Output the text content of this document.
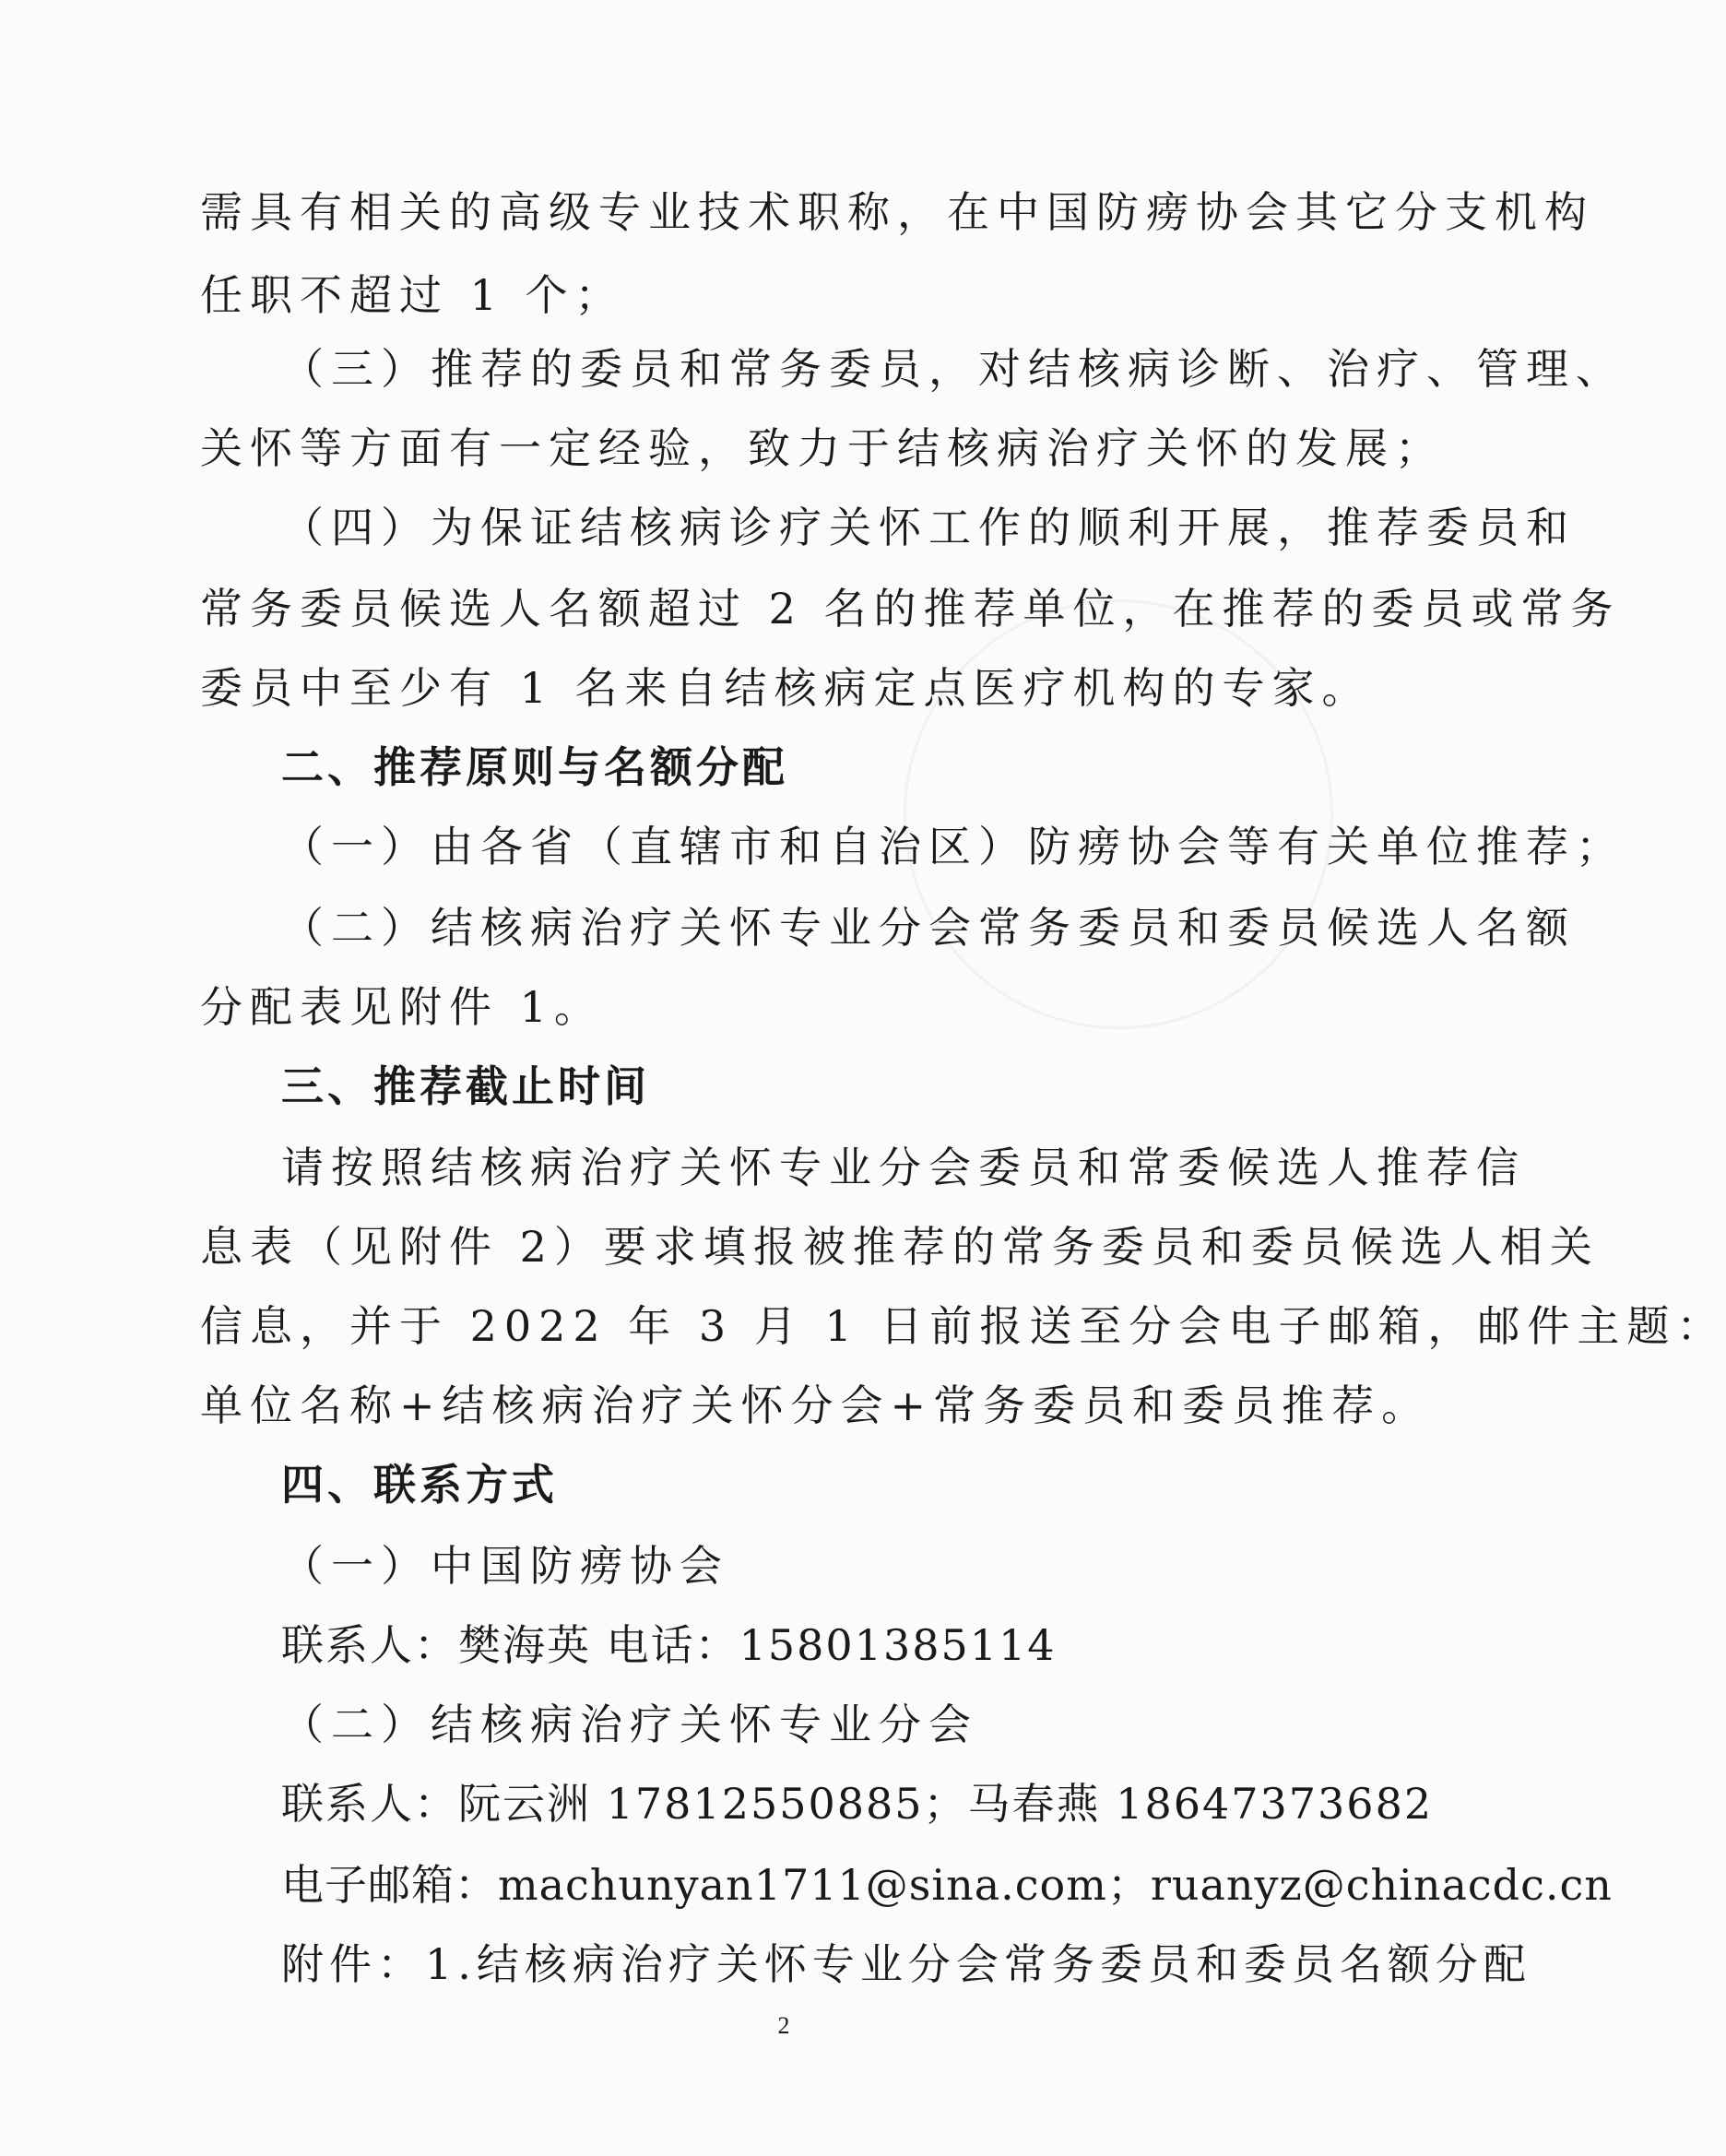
需具有相关的高级专业技术职称，在中国防痨协会其它分支机构
任职不超过 1 个；
（三）推荐的委员和常务委员，对结核病诊断、治疗、管理、
关怀等方面有一定经验，致力于结核病治疗关怀的发展；
（四）为保证结核病诊疗关怀工作的顺利开展，推荐委员和
常务委员候选人名额超过 2 名的推荐单位，在推荐的委员或常务
委员中至少有 1 名来自结核病定点医疗机构的专家。
二、推荐原则与名额分配
（一）由各省（直辖市和自治区）防痨协会等有关单位推荐；
（二）结核病治疗关怀专业分会常务委员和委员候选人名额
分配表见附件 1。
三、推荐截止时间
请按照结核病治疗关怀专业分会委员和常委候选人推荐信
息表（见附件 2）要求填报被推荐的常务委员和委员候选人相关
信息，并于 2022 年 3 月 1 日前报送至分会电子邮箱，邮件主题：
单位名称+结核病治疗关怀分会+常务委员和委员推荐。
四、联系方式
（一）中国防痨协会
联系人：樊海英 电话：15801385114
（二）结核病治疗关怀专业分会
联系人：阮云洲 17812550885；马春燕 18647373682
电子邮箱：machunyan1711@sina.com；ruanyz@chinacdc.cn
附件：1.结核病治疗关怀专业分会常务委员和委员名额分配
2
